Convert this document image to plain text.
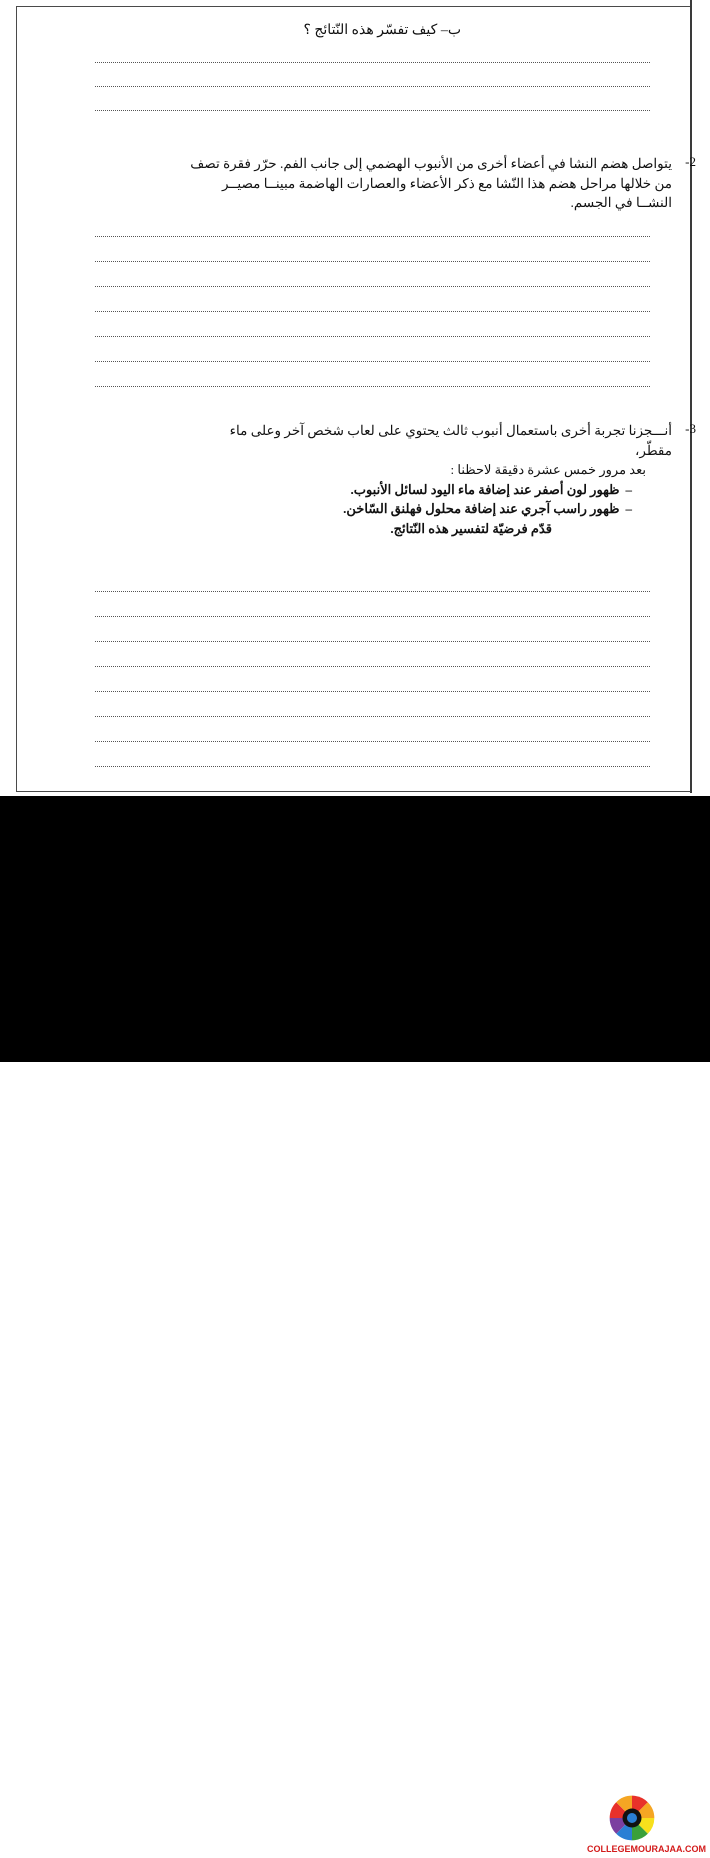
ب– كيف تفسّر هذه النّتائج ؟
2-
يتواصل هضم النشا في أعضاء أخرى من الأنبوب الهضمي إلى جانب الفم. حرّر فقرة تصف
من خلالها مراحل هضم هذا النّشا مع ذكر الأعضاء والعصارات الهاضمة مبينــا مصيــر
النشــا في الجسم.
3-
أنـــجزنا تجربة أخرى باستعمال أنبوب ثالث يحتوي على لعاب شخص آخر وعلى ماء
مقطّر،
بعد مرور خمس عشرة دقيقة لاحظنا :
–ظهور لون أصفر عند إضافة ماء اليود لسائل الأنبوب.
–ظهور راسب آجري عند إضافة محلول فهلنق السّاخن.
قدّم فرضيّة لتفسير هذه النّتائج.
COLLEGEMOURAJAA.COM
